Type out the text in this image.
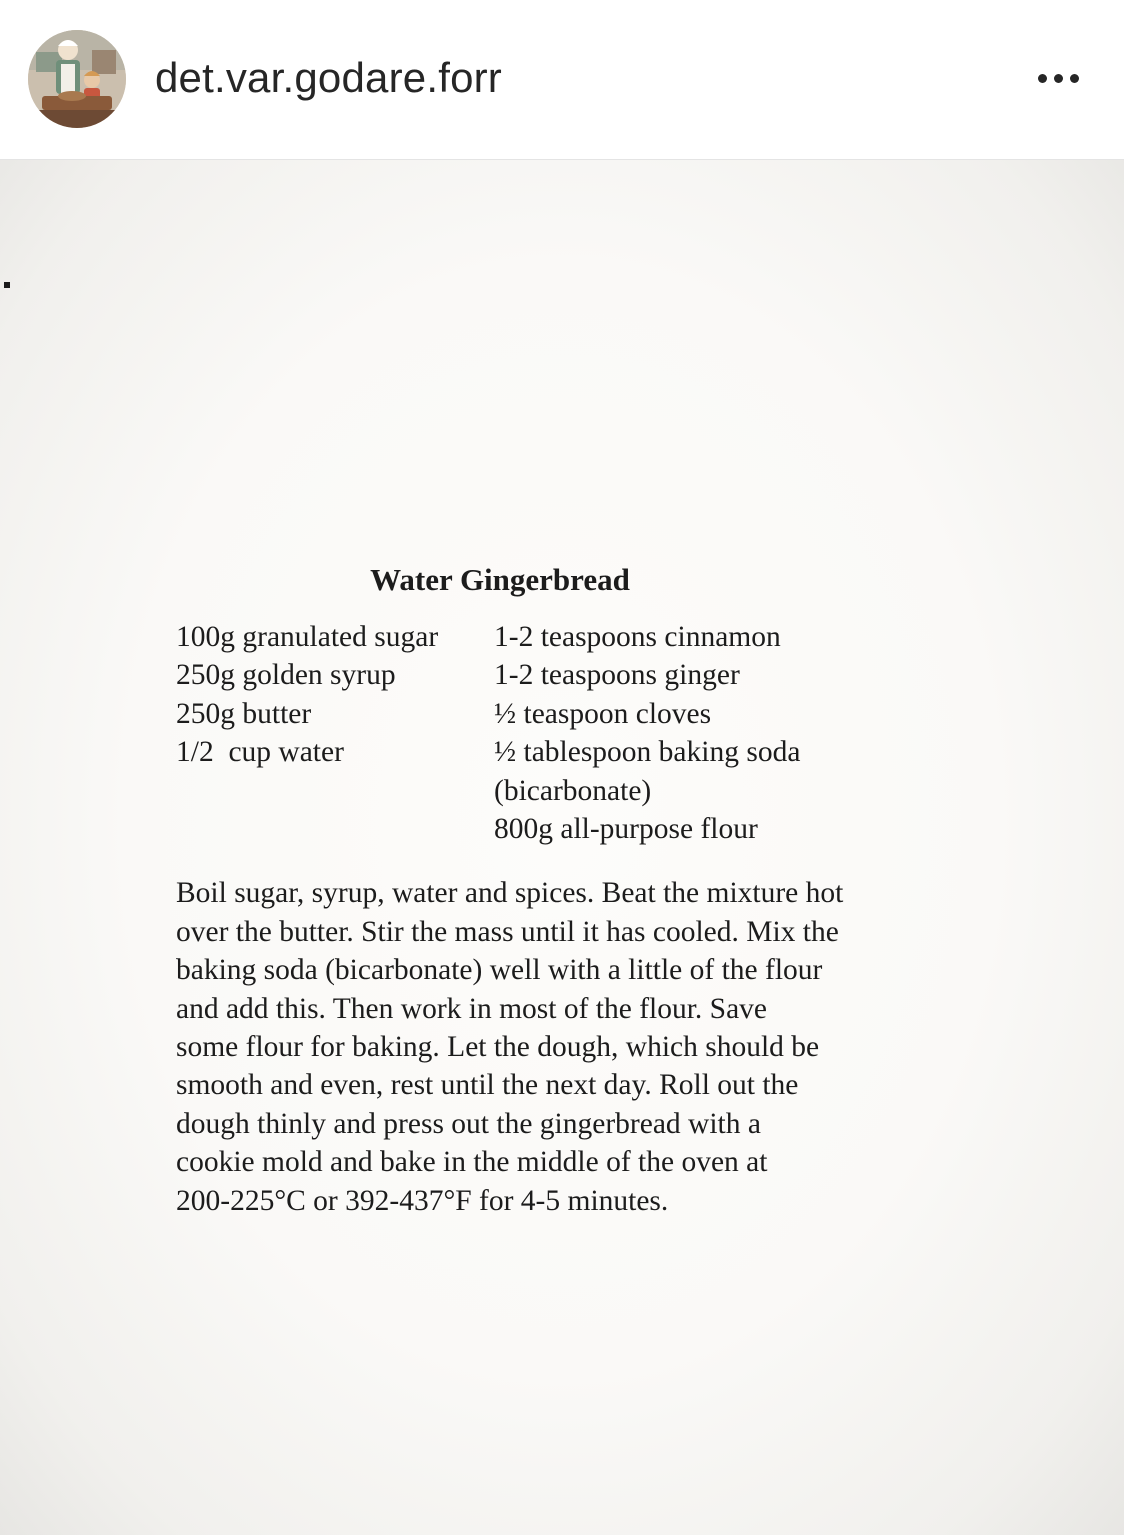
det.var.godare.forr
Water Gingerbread
100g granulated sugar
250g golden syrup
250g butter
1/2  cup water
1-2 teaspoons cinnamon
1-2 teaspoons ginger
½ teaspoon cloves
½ tablespoon baking soda
(bicarbonate)
800g all-purpose flour
Boil sugar, syrup, water and spices. Beat the mixture hot
over the butter. Stir the mass until it has cooled. Mix the
baking soda (bicarbonate) well with a little of the flour
and add this. Then work in most of the flour. Save
some flour for baking. Let the dough, which should be
smooth and even, rest until the next day. Roll out the
dough thinly and press out the gingerbread with a
cookie mold and bake in the middle of the oven at
200-225°C or 392-437°F for 4-5 minutes.
